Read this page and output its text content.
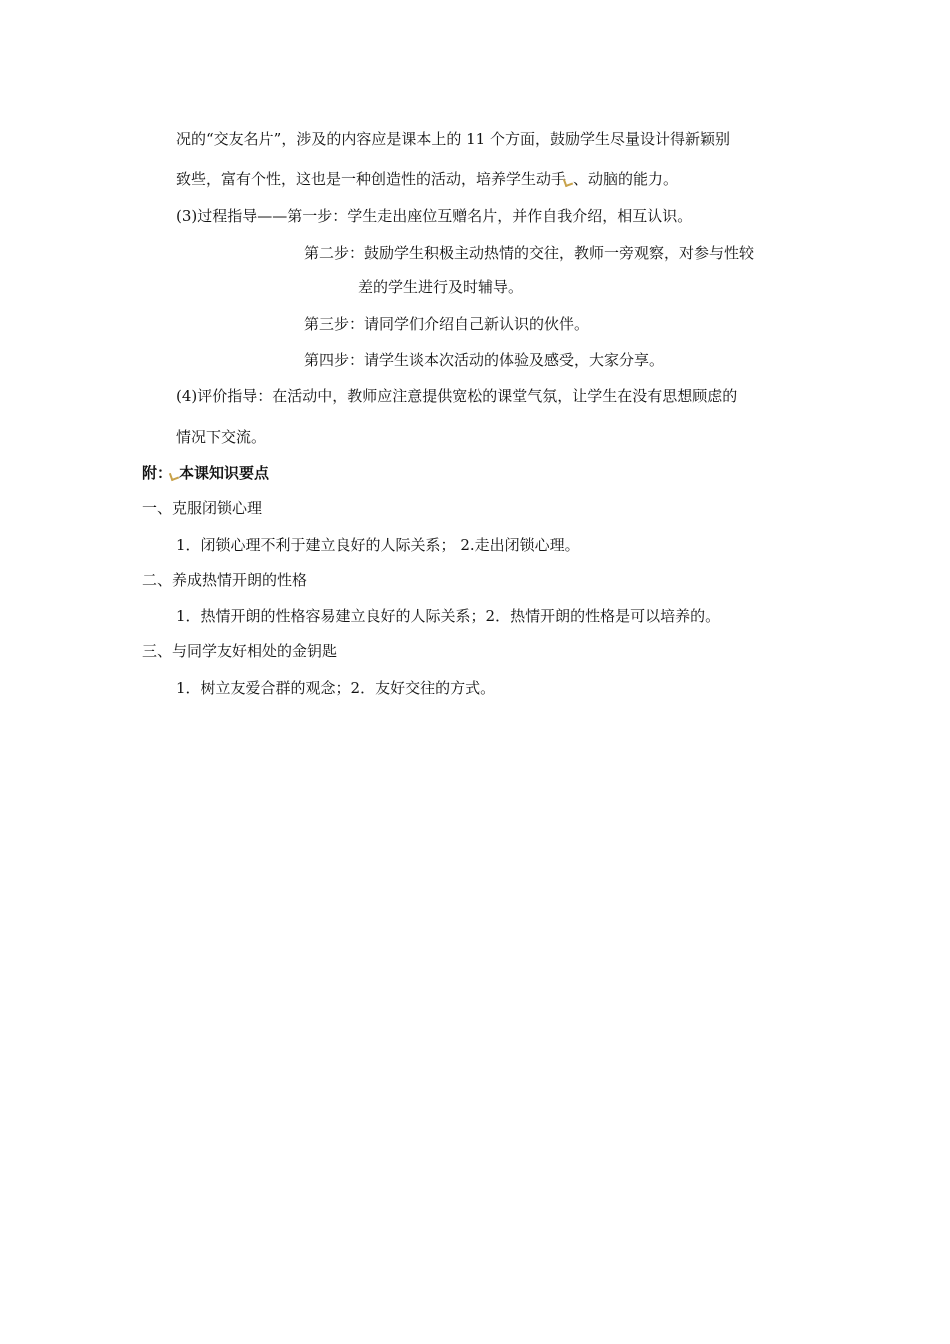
况的“交友名片”，涉及的内容应是课本上的 11 个方面，鼓励学生尽量设计得新颖别
致些，富有个性，这也是一种创造性的活动，培养学生动手 、动脑的能力。
(3)过程指导——第一步：学生走出座位互赠名片，并作自我介绍，相互认识。
第二步：鼓励学生积极主动热情的交往，教师一旁观察，对参与性较
差的学生进行及时辅导。
第三步：请同学们介绍自己新认识的伙伴。
第四步：请学生谈本次活动的体验及感受，大家分享。
(4)评价指导：在活动中，教师应注意提供宽松的课堂气氛，让学生在没有思想顾虑的
情况下交流。
附： 本课知识要点
一、克服闭锁心理
1．闭锁心理不利于建立良好的人际关系； 2.走出闭锁心理。
二、养成热情开朗的性格
1．热情开朗的性格容易建立良好的人际关系；2．热情开朗的性格是可以培养的。
三、与同学友好相处的金钥匙
1．树立友爱合群的观念；2．友好交往的方式。
